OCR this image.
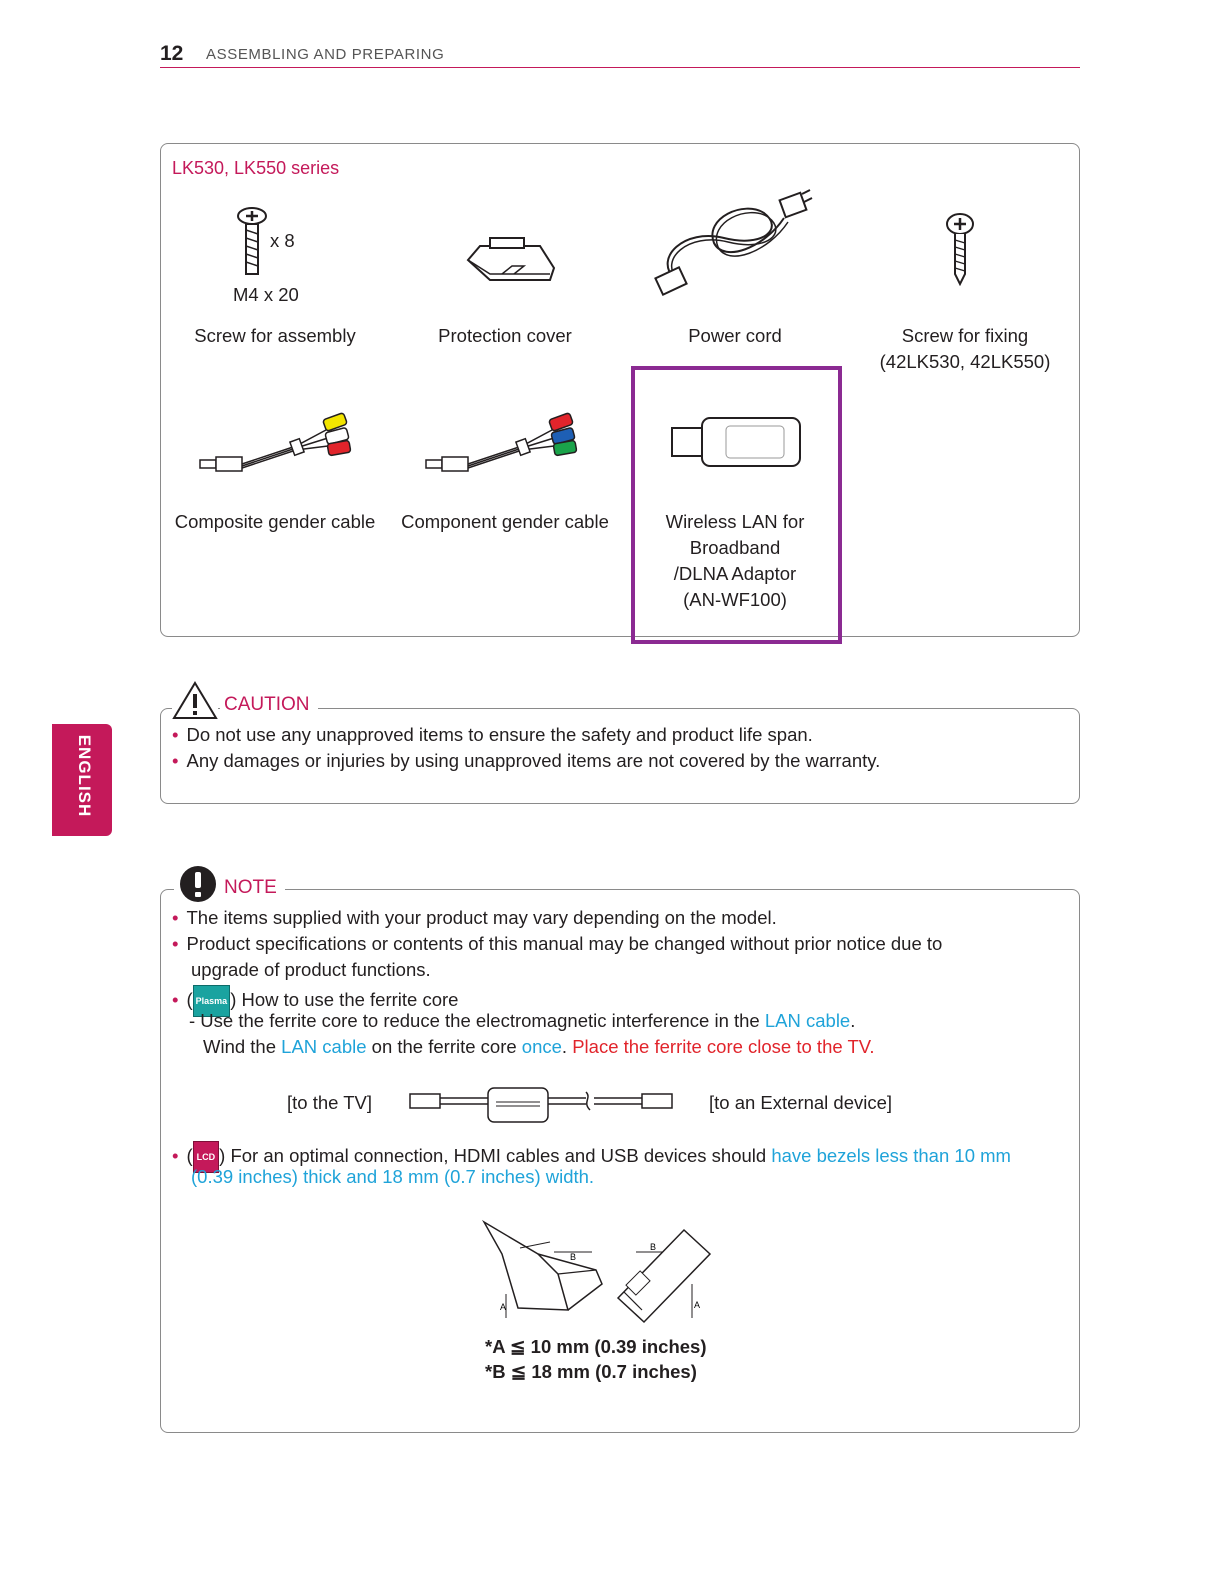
12 ASSEMBLING AND PREPARING
ENGLISH
LK530, LK550 series
x 8
M4 x 20
Screw for assembly	Protection cover	Power cord	Screw for fixing
(42LK530, 42LK550)
Composite gender cable	Component gender cable	Wireless LAN for
Broadband
/DLNA Adaptor
(AN-WF100)
CAUTION
• Do not use any unapproved items to ensure the safety and product life span.
• Any damages or injuries by using unapproved items are not covered by the warranty.
NOTE
• The items supplied with your product may vary depending on the model.
• Product specifications or contents of this manual may be changed without prior notice due to
upgrade of product functions.
• ( Plasma ) How to use the ferrite core
- Use the ferrite core to reduce the electromagnetic interference in the LAN cable.
Wind the LAN cable on the ferrite core once. Place the ferrite core close to the TV.
[to the TV]	[to an External device]
• ( LCD ) For an optimal connection, HDMI cables and USB devices should have bezels less than 10 mm
(0.39 inches) thick and 18 mm (0.7 inches) width.
A
B
B
A
*A ≦ 10 mm (0.39 inches)
*B ≦ 18 mm (0.7 inches)
